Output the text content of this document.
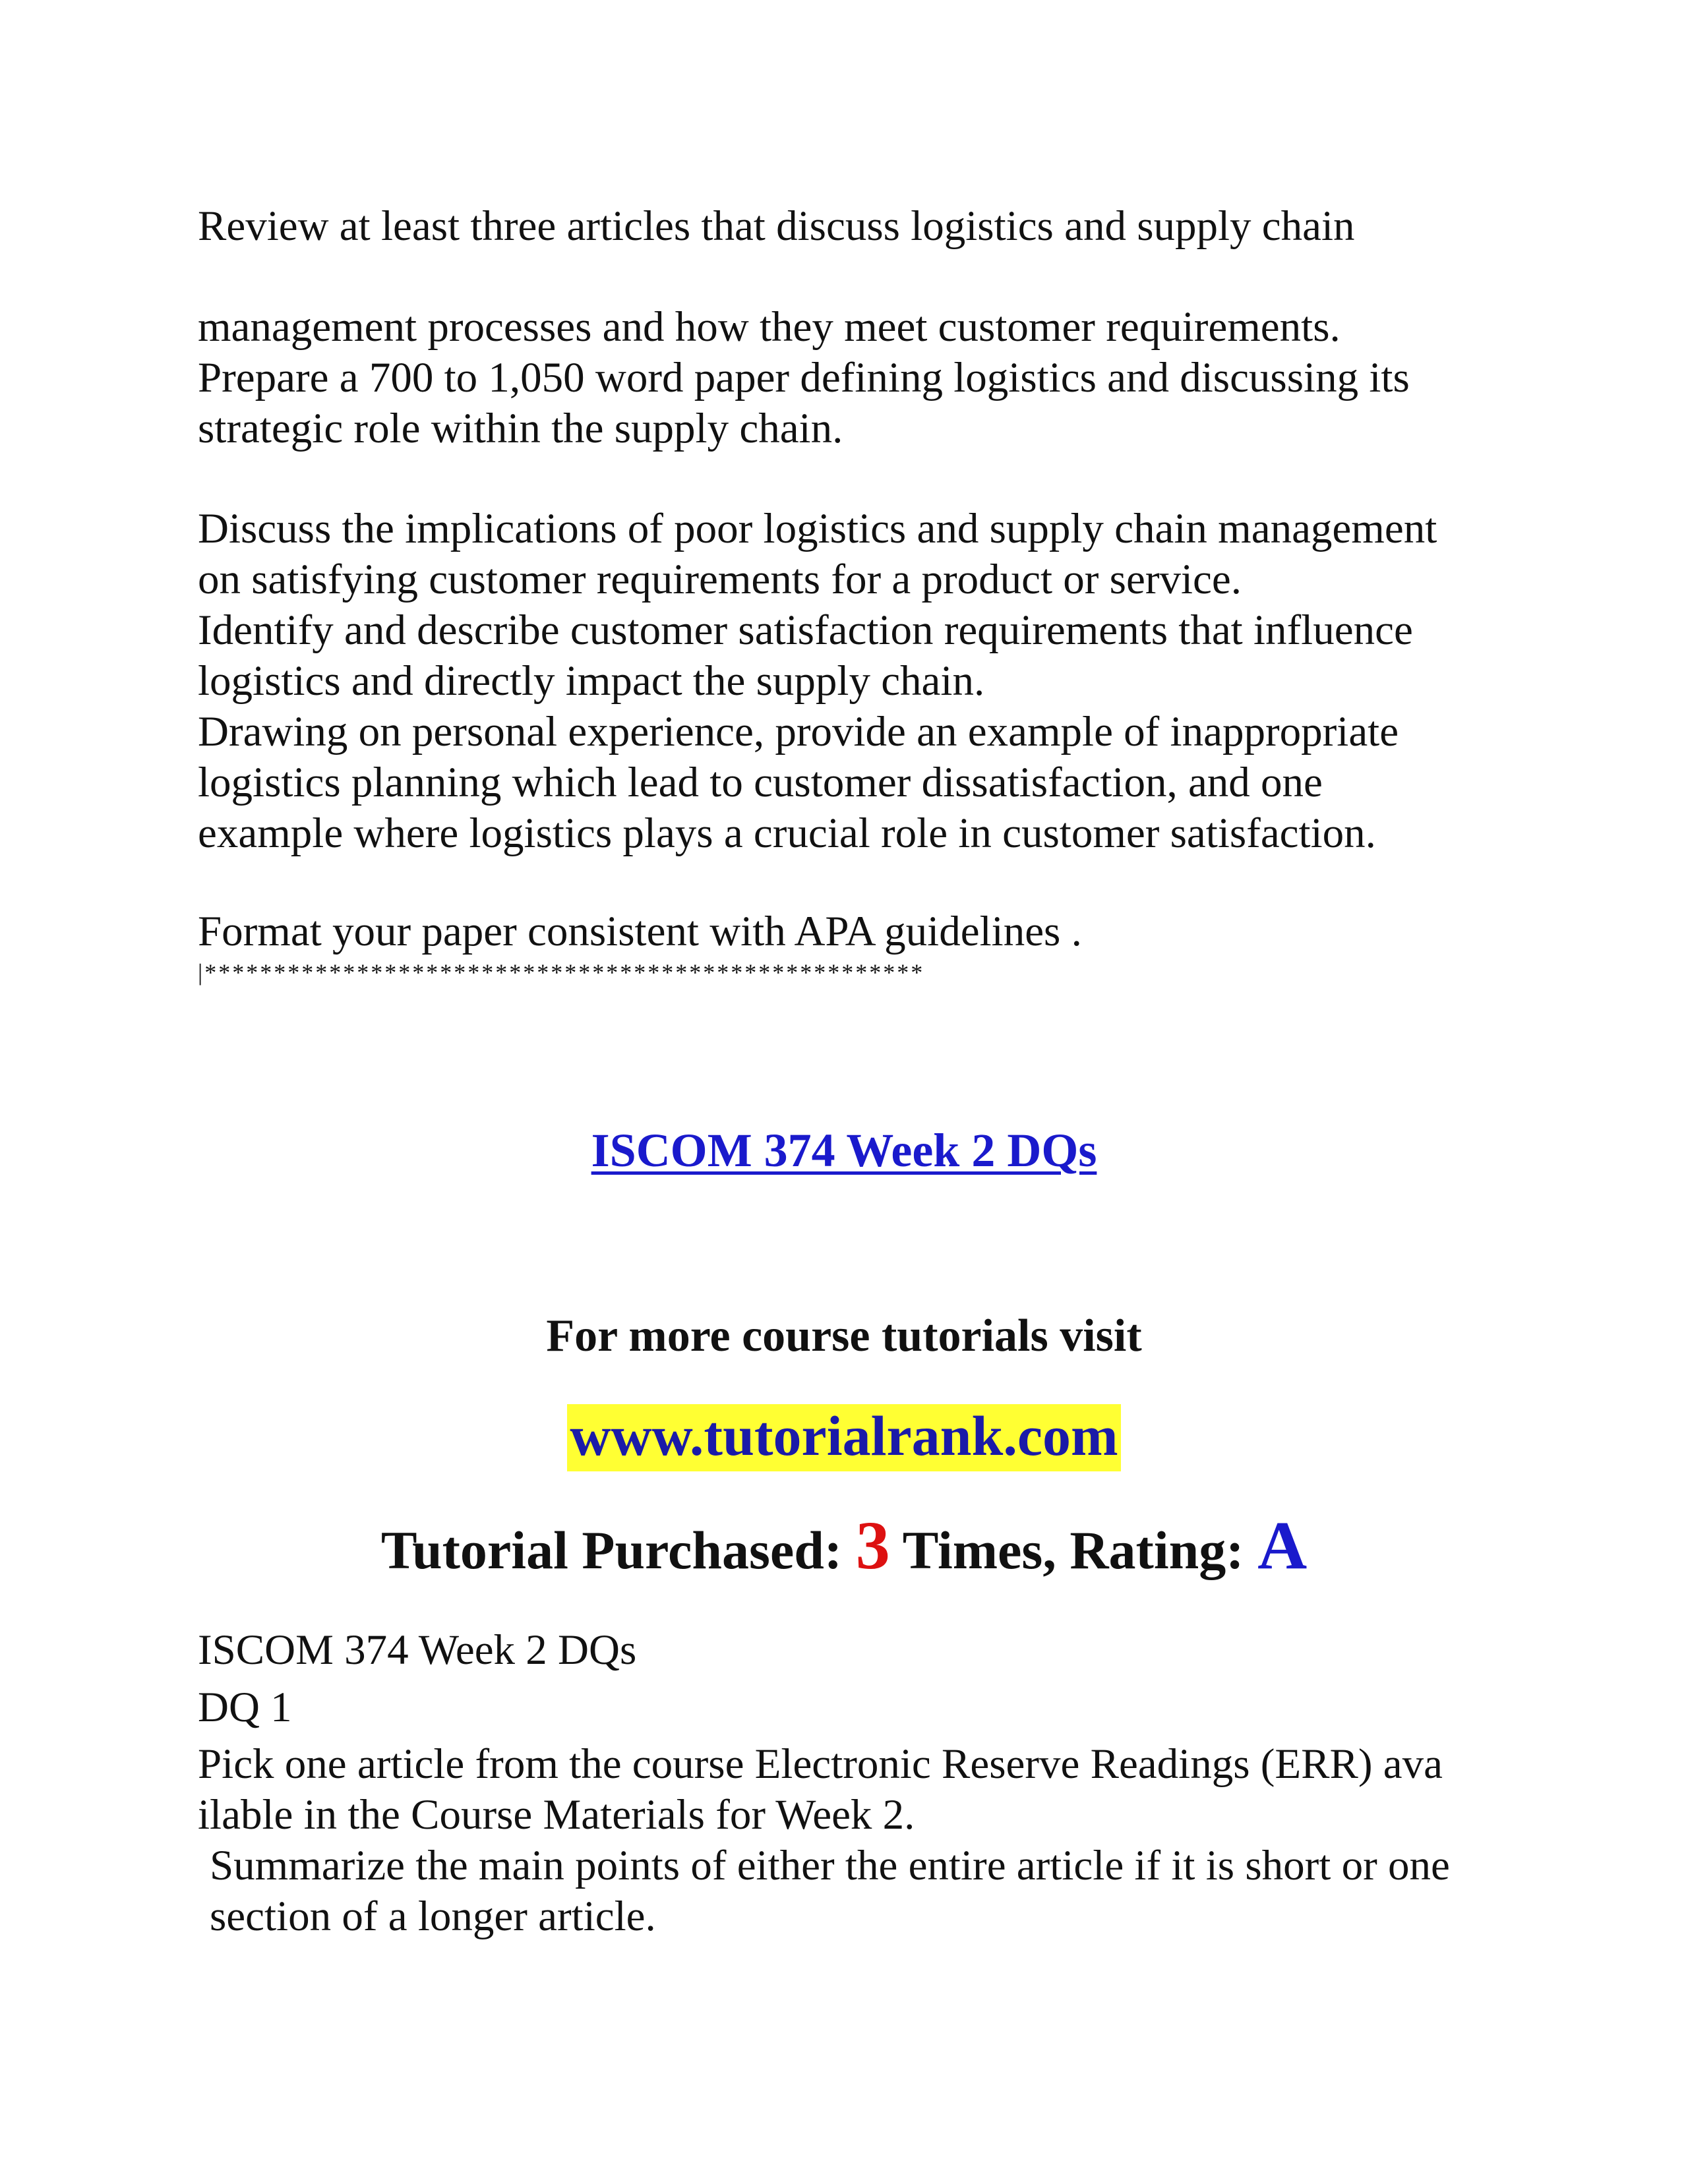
Review at least three articles that discuss logistics and supply chain

management processes and how they meet customer requirements.
Prepare a 700 to 1,050 word paper defining logistics and discussing its
strategic role within the supply chain.

Discuss the implications of poor logistics and supply chain management
on satisfying customer requirements for a product or service.
Identify and describe customer satisfaction requirements that influence
logistics and directly impact the supply chain.
Drawing on personal experience, provide an example of inappropriate
logistics planning which lead to customer dissatisfaction, and one
example where logistics plays a crucial role in customer satisfaction.

Format your paper consistent with APA guidelines .

|****************************************************

ISCOM 374 Week 2 DQs

For more course tutorials visit

www.tutorialrank.com

Tutorial Purchased: 3 Times, Rating: A

ISCOM 374 Week 2 DQs

DQ 1

Pick one article from the course Electronic Reserve Readings (ERR) ava
ilable in the Course Materials for Week 2.

Summarize the main points of either the entire article if it is short or one
section of a longer article.
